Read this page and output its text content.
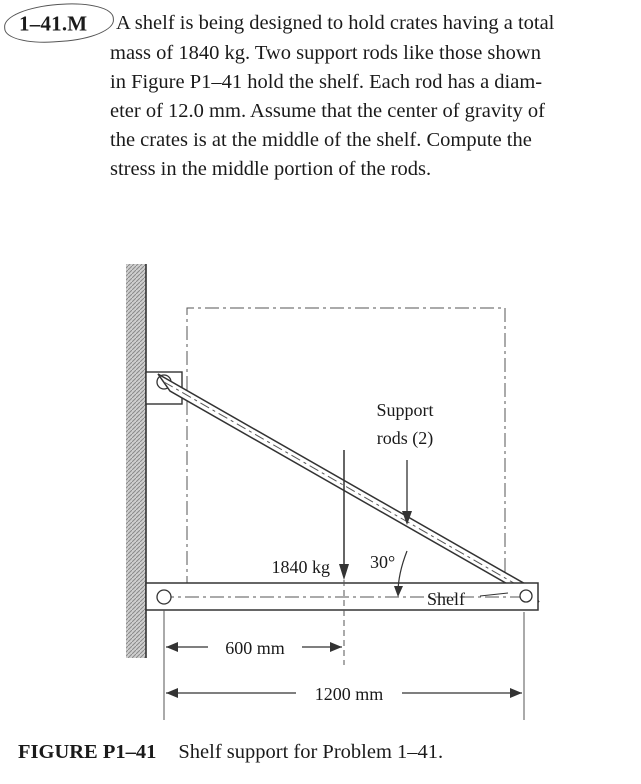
1–41.M A shelf is being designed to hold crates having a total
mass of 1840 kg. Two support rods like those shown
in Figure P1–41 hold the shelf. Each rod has a diam-
eter of 12.0 mm. Assume that the center of gravity of
the crates is at the middle of the shelf. Compute the
stress in the middle portion of the rods.
1840 kg
Support
rods (2)
30°
Shelf
600 mm
1200 mm
FIGURE P1–41 Shelf support for Problem 1–41.
